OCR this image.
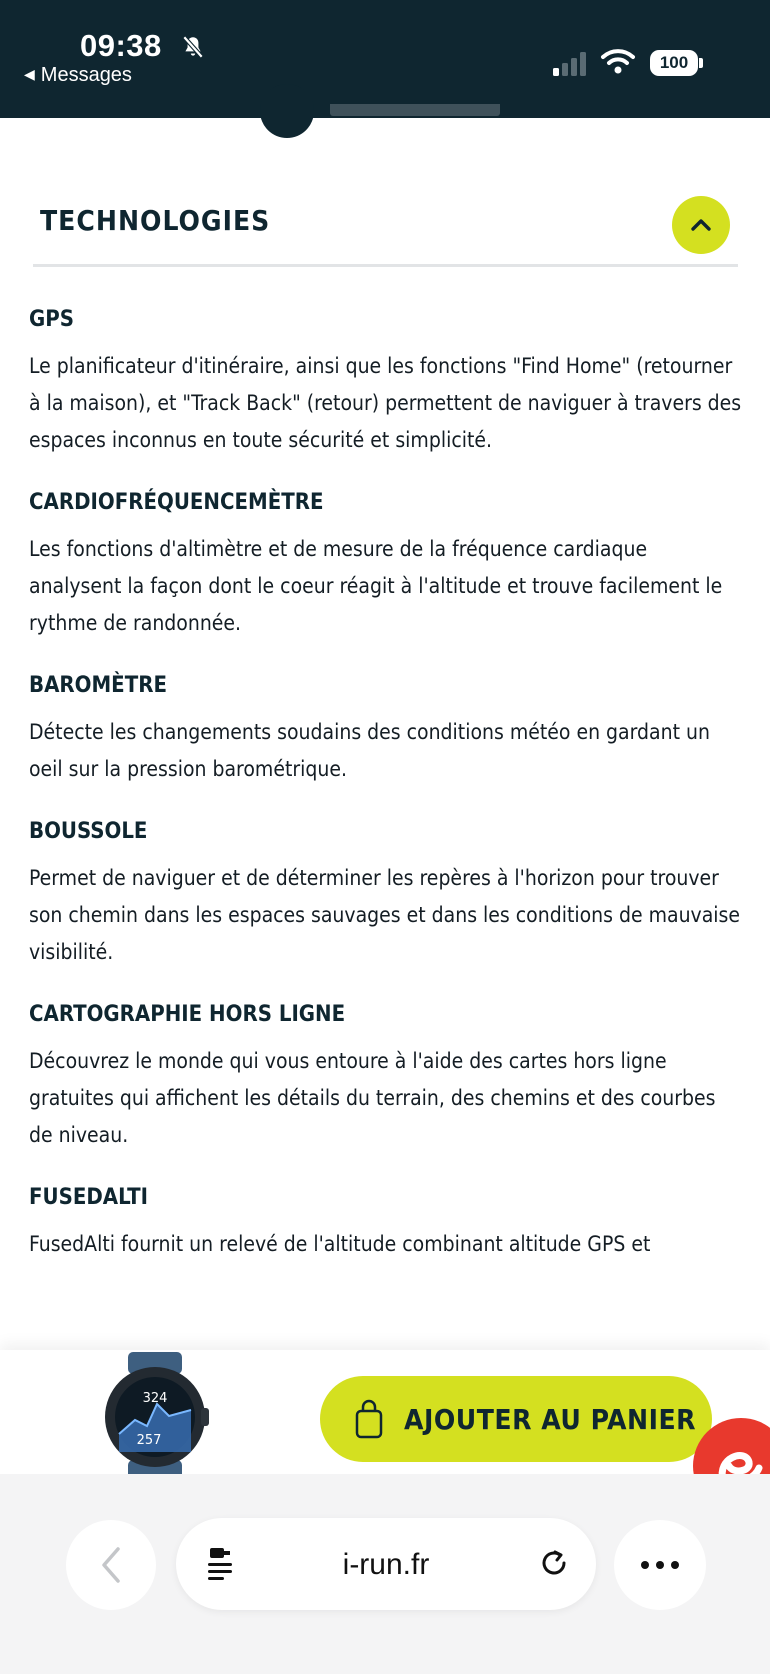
09:38
◀ Messages
100
TECHNOLOGIES
GPS

Le planificateur d'itinéraire, ainsi que les fonctions "Find Home" (retourner à la maison), et "Track Back" (retour) permettent de naviguer à travers des espaces inconnus en toute sécurité et simplicité.

CARDIOFRÉQUENCEMÈTRE

Les fonctions d'altimètre et de mesure de la fréquence cardiaque analysent la façon dont le coeur réagit à l'altitude et trouve facilement le rythme de randonnée.

BAROMÈTRE

Détecte les changements soudains des conditions météo en gardant un oeil sur la pression barométrique.

BOUSSOLE

Permet de naviguer et de déterminer les repères à l'horizon pour trouver son chemin dans les espaces sauvages et dans les conditions de mauvaise visibilité.

CARTOGRAPHIE HORS LIGNE

Découvrez le monde qui vous entoure à l'aide des cartes hors ligne gratuites qui affichent les détails du terrain, des chemins et des courbes de niveau.

FUSEDALTI

FusedAlti fournit un relevé de l'altitude combinant altitude GPS et

324
257
AJOUTER AU PANIER
i-run.fr
